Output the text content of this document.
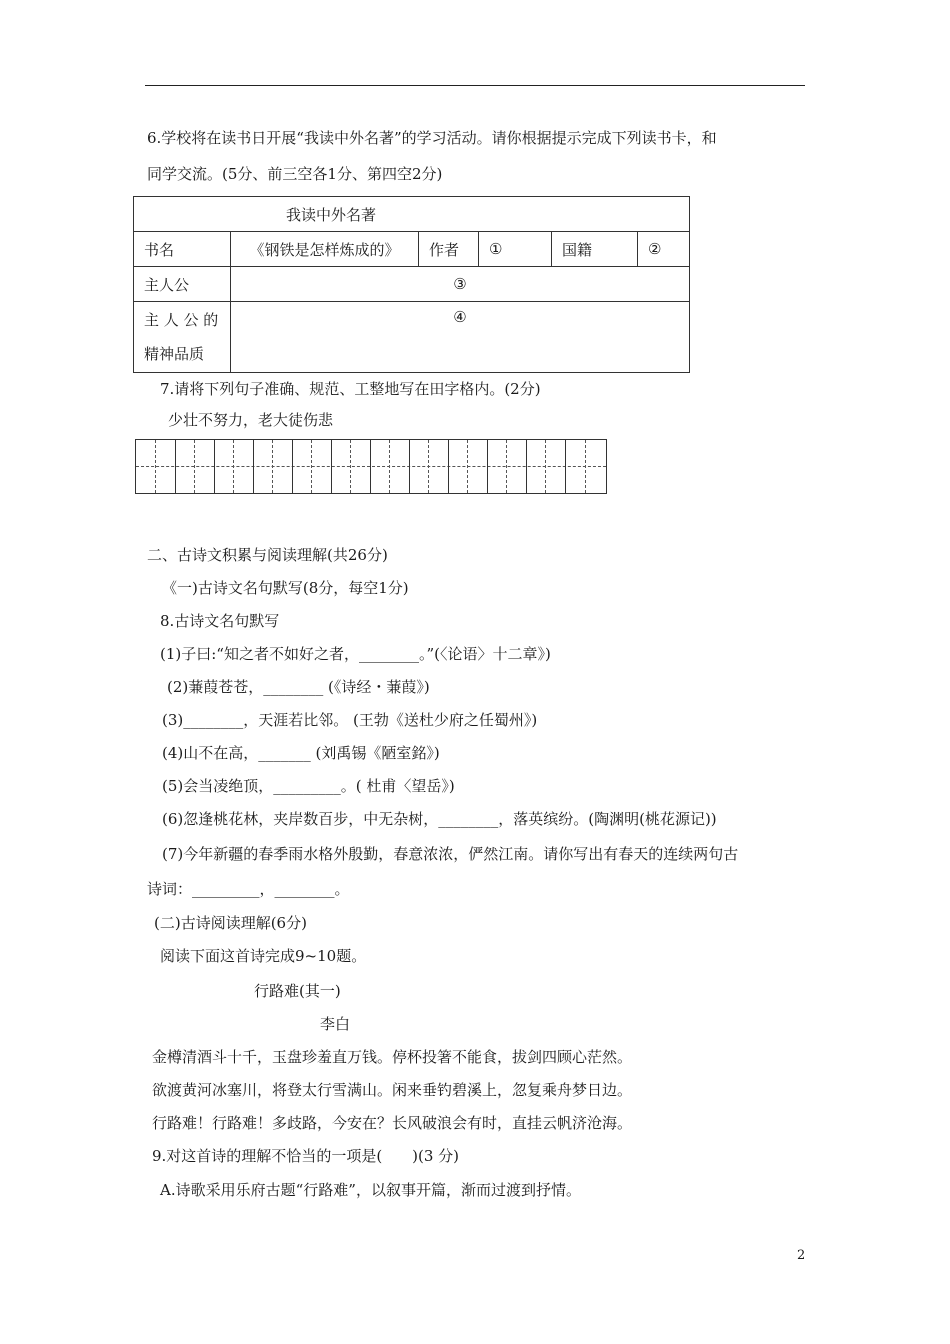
6.学校将在读书日开展“我读中外名著”的学习活动。请你根据提示完成下列读书卡，和
同学交流。(5分、前三空各1分、第四空2分)
我读中外名著					
书名	《钢铁是怎样炼成的》	作者	①	国籍	②
主人公	③				

主 人 公 的
精神品质	④				
7.请将下列句子准确、规范、工整地写在田字格内。(2分)
少壮不努力，老大徒伤悲
二、古诗文积累与阅读理解(共26分)
《一)古诗文名句默写(8分，每空1分)
8.古诗文名句默写
(1)子曰:“知之者不如好之者，________。”(〈论语〉十二章》)
(2)蒹葭苍苍，________ (《诗经・蒹葭》)
(3)________，天涯若比邻。 (王勃《送杜少府之任蜀州》)
(4)山不在高，_______ (刘禹锡《陋室銘》)
(5)会当凌绝顶，_________。( 杜甫〈望岳》)
(6)忽逢桃花林，夹岸数百步，中无杂树，________，落英缤纷。(陶渊明(桃花源记))
(7)今年新疆的春季雨水格外殷勤，春意浓浓，俨然江南。请你写出有春天的连续两句古
诗词：_________，________。
(二)古诗阅读理解(6分)
阅读下面这首诗完成9~10题。
行路难(其一)
李白
金樽清酒斗十千，玉盘珍羞直万钱。停杯投箸不能食，拔剑四顾心茫然。
欲渡黄河冰塞川，将登太行雪满山。闲来垂钓碧溪上，忽复乘舟梦日边。
行路难！行路难！多歧路，今安在？长风破浪会有时，直挂云帆济沧海。
9.对这首诗的理解不恰当的一项是(　　)(3 分)
A.诗歌采用乐府古题“行路难”，以叙事开篇，渐而过渡到抒情。
2
